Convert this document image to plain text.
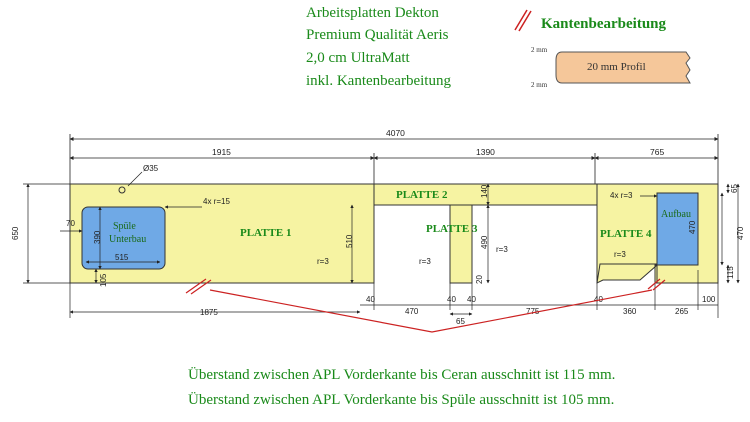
Arbeitsplatten Dekton
Premium Qualität Aeris
2,0 cm UltraMatt
inkl. Kantenbearbeitung
Kantenbearbeitung
20 mm Profil
2 mm
2 mm
4070
1915	1390	765
Spüle
Unterbau
Aufbau
PLATTE 1
PLATTE 2
PLATTE 3	PLATTE 4
Ø35
4x r=15
4x r=3
70
650	390
515
105
510
140
490
20
r=3
r=3
r=3
r=3
470	470
65
115
1875
40
470
40 40
65
775
40
360	265
100
Überstand zwischen APL Vorderkante bis Ceran ausschnitt ist 115 mm.
Überstand zwischen APL Vorderkante bis Spüle ausschnitt ist 105 mm.
